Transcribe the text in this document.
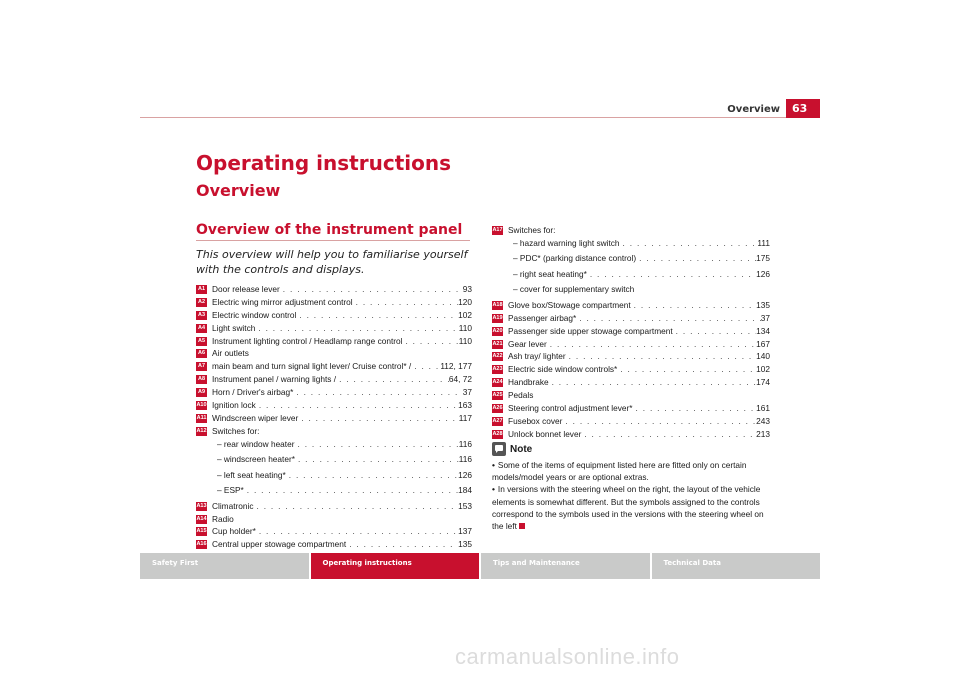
Overview	63
Operating instructions
Overview
Overview of the instrument panel
This overview will help you to familiarise yourself with the controls and displays.
A1 Door release lever . . .	93
A2 Electric wing mirror adjustment control . . .	120
A3 Electric window control . . .	102
A4 Light switch . . .	110
A5 Instrument lighting control / Headlamp range control . . .	110
A6 Air outlets
A7 main beam and turn signal light lever/ Cruise control* / . . .	112, 177
A8 Instrument panel / warning lights / . . .	64, 72
A9 Horn / Driver's airbag* . . .	37
A10 Ignition lock . . .	163
A11 Windscreen wiper lever . . .	117
A12 Switches for:
– rear window heater . . .	116
– windscreen heater* . . .	116
– left seat heating* . . .	126
– ESP* . . .	184
A13 Climatronic . . .	153
A14 Radio
A15 Cup holder* . . .	137
A16 Central upper stowage compartment . . .	135
A17 Switches for:
– hazard warning light switch . . .	111
– PDC* (parking distance control) . . .	175
– right seat heating* . . .	126
– cover for supplementary switch
A18 Glove box/Stowage compartment . . .	135
A19 Passenger airbag* . . .	37
A20 Passenger side upper stowage compartment . . .	134
A21 Gear lever . . .	167
A22 Ash tray/ lighter . . .	140
A23 Electric side window controls* . . .	102
A24 Handbrake . . .	174
A25 Pedals
A26 Steering control adjustment lever* . . .	161
A27 Fusebox cover . . .	243
A28 Unlock bonnet lever . . .	213
Note
• Some of the items of equipment listed here are fitted only on certain models/model years or are optional extras.
• In versions with the steering wheel on the right, the layout of the vehicle elements is somewhat different. But the symbols assigned to the controls correspond to the symbols used in the versions with the steering wheel on the left
Safety First	Operating instructions	Tips and Maintenance	Technical Data
carmanualsonline.info
